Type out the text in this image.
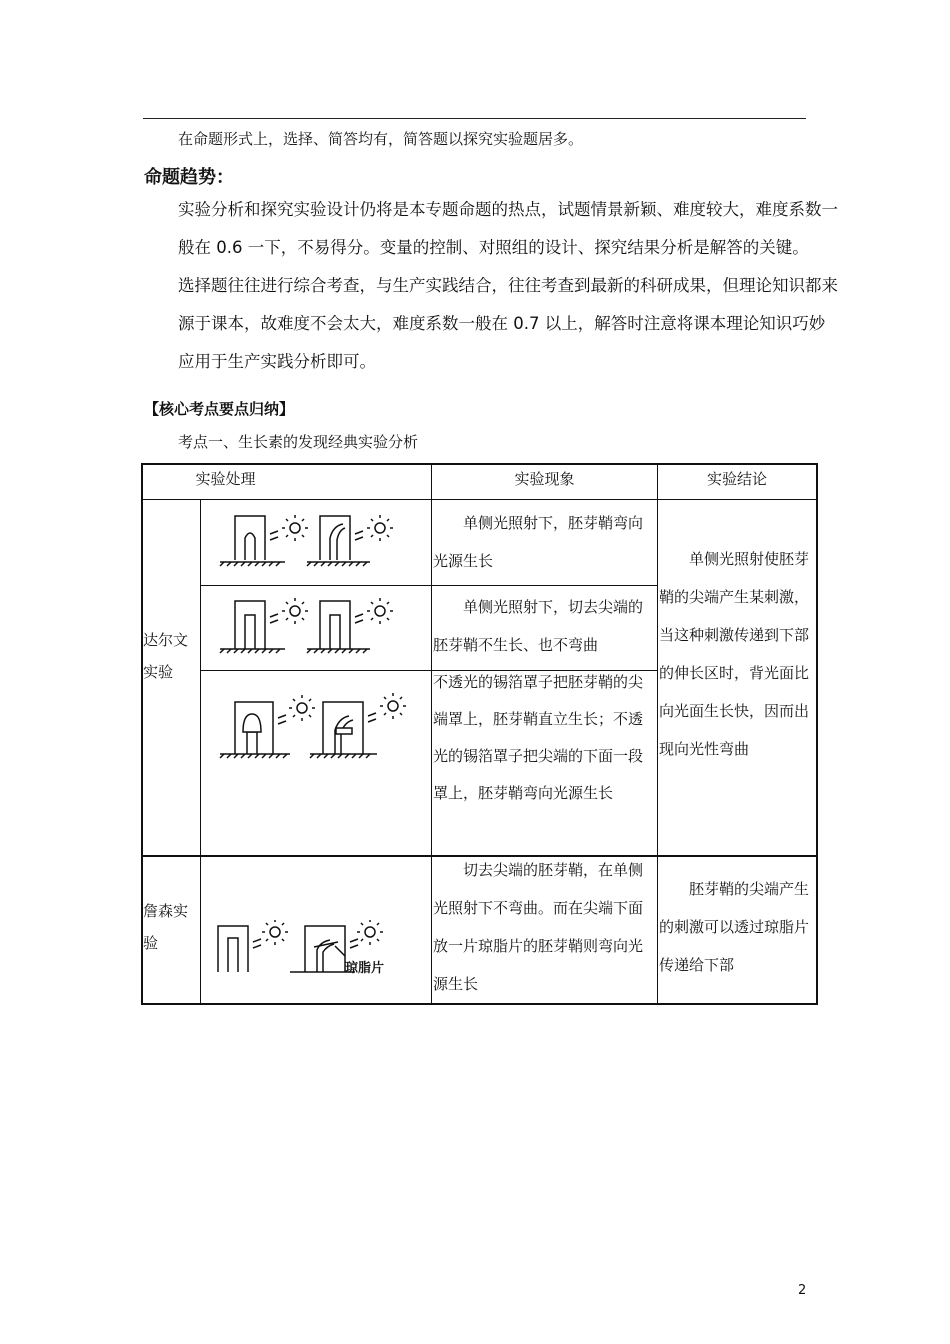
在命题形式上，选择、简答均有，简答题以探究实验题居多。
命题趋势：
实验分析和探究实验设计仍将是本专题命题的热点，试题情景新颖、难度较大，难度系数一般在 0.6 一下，不易得分。变量的控制、对照组的设计、探究结果分析是解答的关键。
选择题往往进行综合考查，与生产实践结合，往往考查到最新的科研成果，但理论知识都来源于课本，故难度不会太大，难度系数一般在 0.7 以上，解答时注意将课本理论知识巧妙应用于生产实践分析即可。
【核心考点要点归纳】
考点一、生长素的发现经典实验分析
实验处理	实验现象	实验结论
达尔文实验
单侧光照射下，胚芽鞘弯向光源生长
单侧光照射下，切去尖端的胚芽鞘不生长、也不弯曲
不透光的锡箔罩子把胚芽鞘的尖端罩上，胚芽鞘直立生长；不透光的锡箔罩子把尖端的下面一段罩上，胚芽鞘弯向光源生长
单侧光照射使胚芽鞘的尖端产生某刺激，当这种刺激传递到下部的伸长区时，背光面比向光面生长快，因而出现向光性弯曲
詹森实验
切去尖端的胚芽鞘，在单侧光照射下不弯曲。而在尖端下面放一片琼脂片的胚芽鞘则弯向光源生长
胚芽鞘的尖端产生的刺激可以透过琼脂片传递给下部
琼脂片
2
